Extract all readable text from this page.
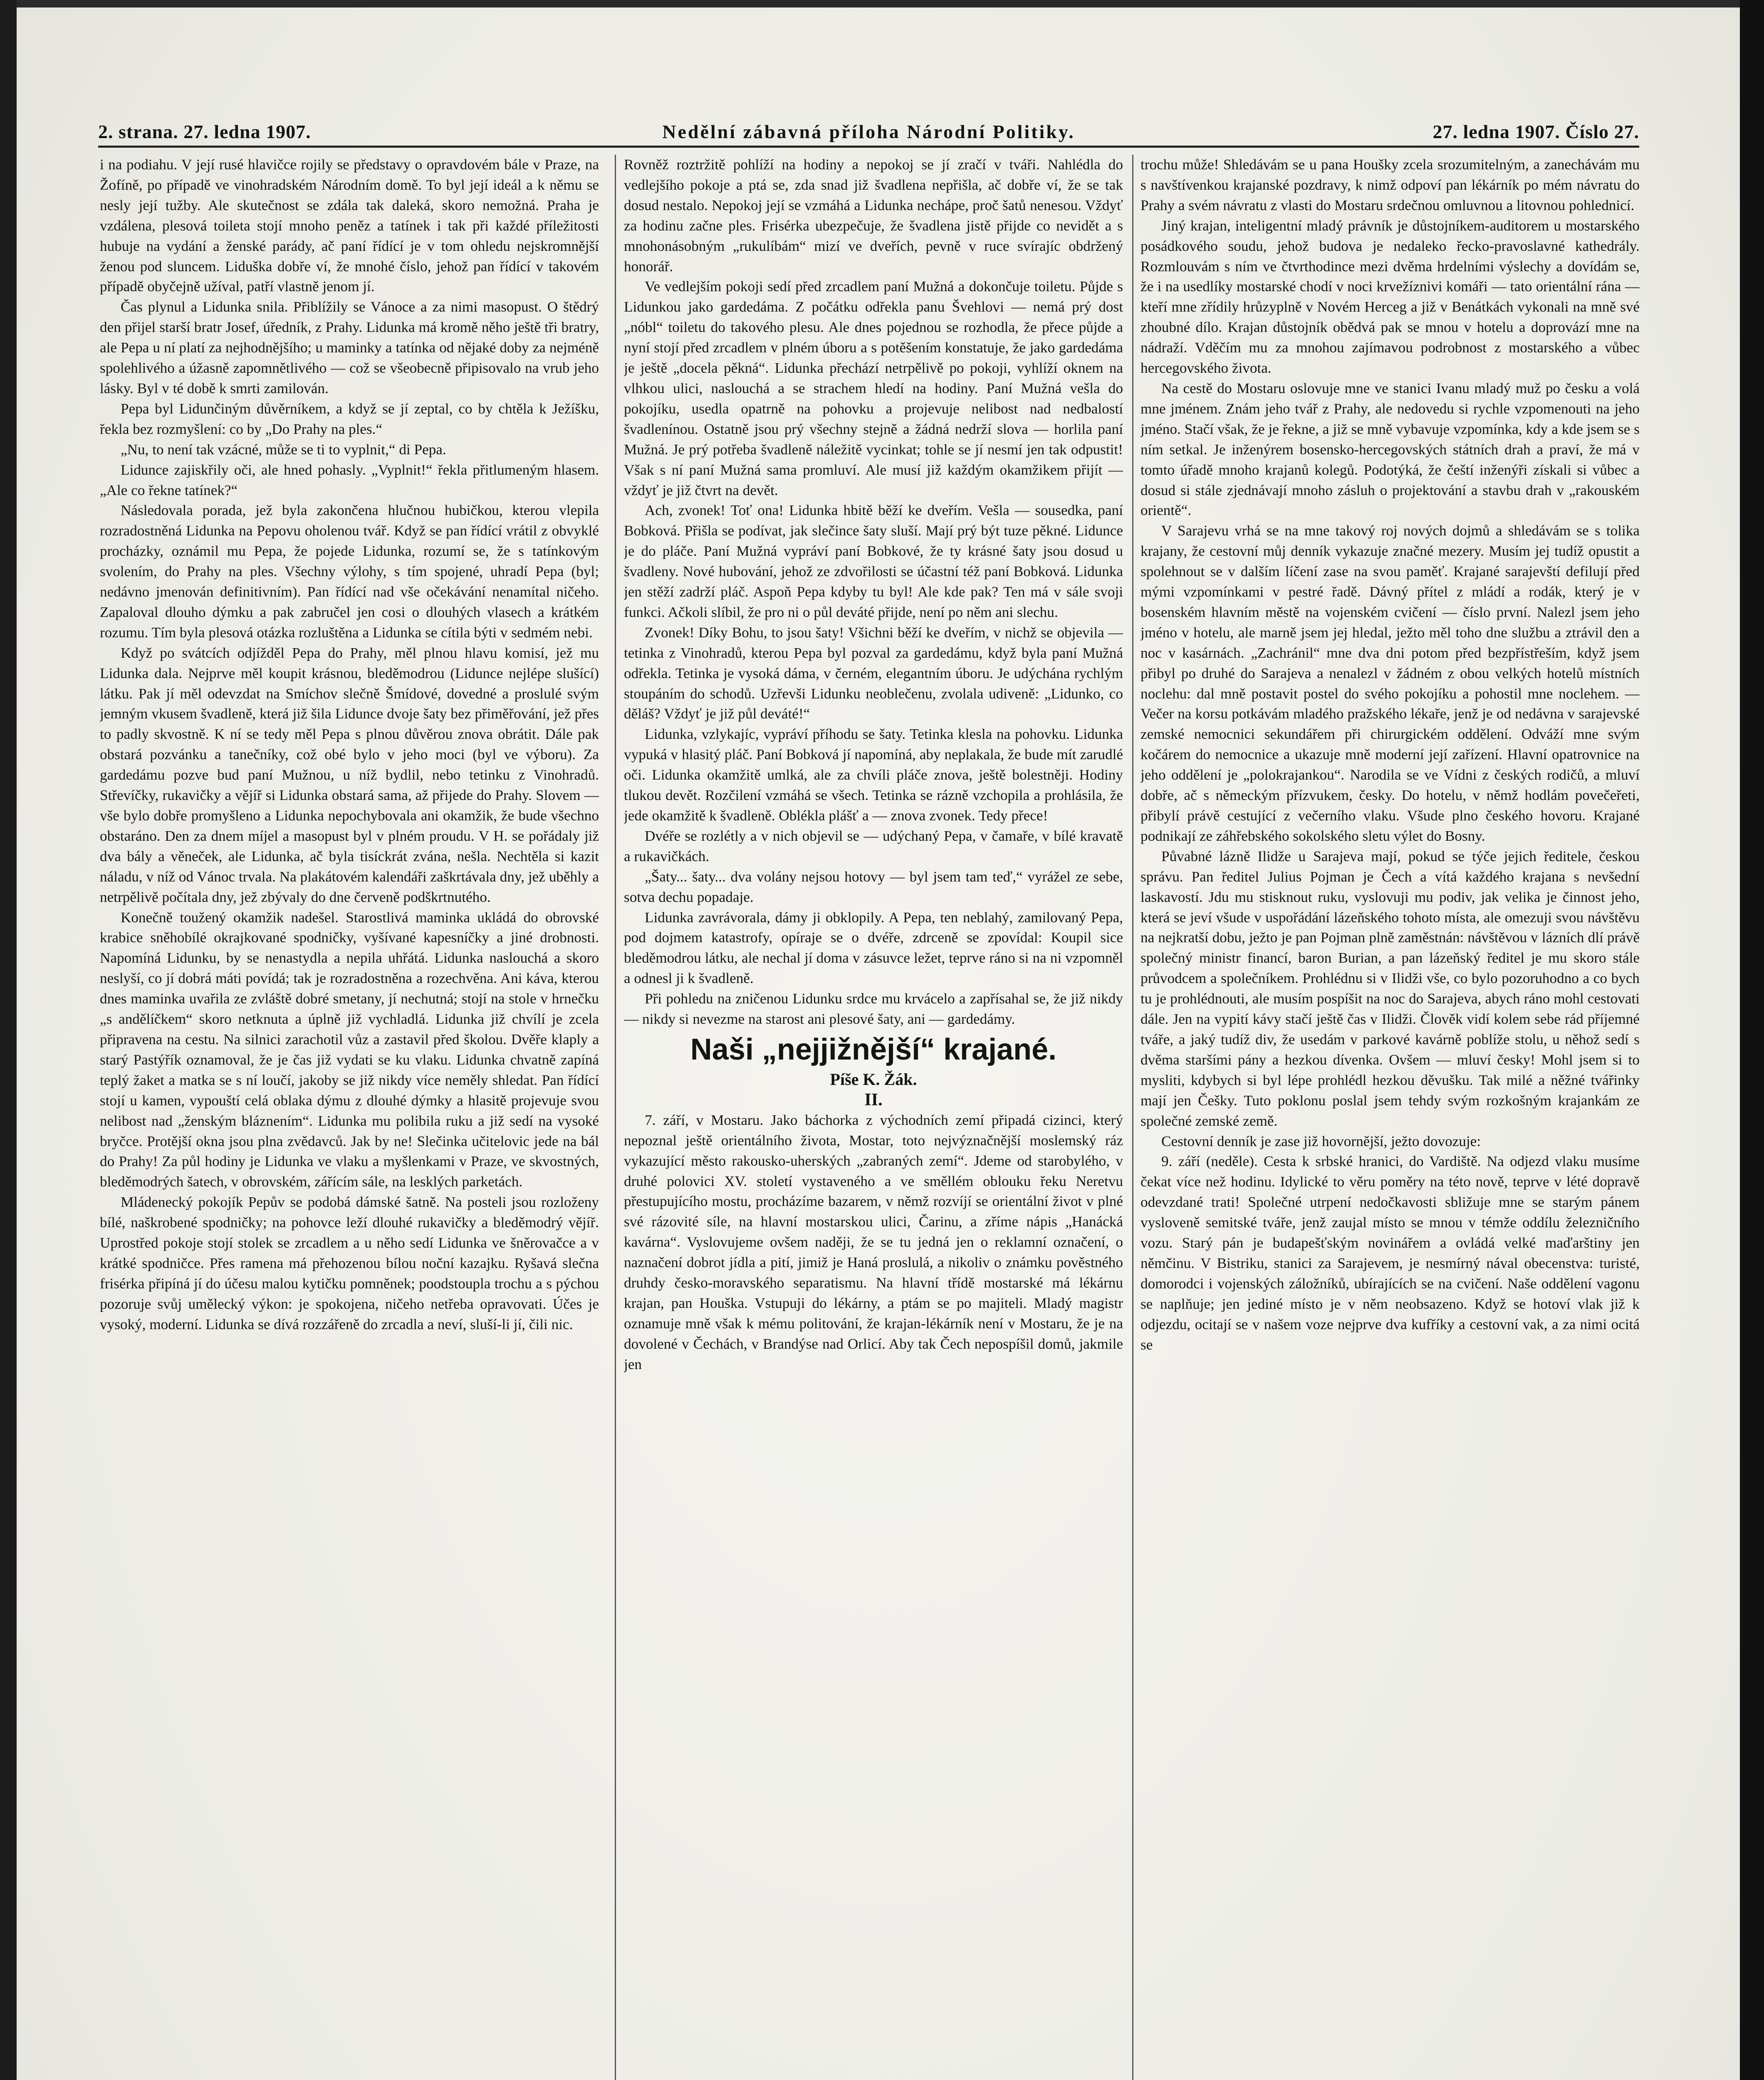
2. strana. 27. ledna 1907.	Nedělní zábavná příloha Národní Politiky.	27. ledna 1907. Číslo 27.

i na podiahu. V její rusé hlavičce rojily se představy o opravdovém bále v Praze, na Žofíně, po případě ve vinohradském Národním domě. To byl její ideál a k němu se nesly její tužby. Ale skutečnost se zdála tak daleká, skoro nemožná. Praha je vzdálena, plesová toileta stojí mnoho peněz a tatínek i tak při každé příležitosti hubuje na vydání a ženské parády, ač paní řídící je v tom ohledu nejskromnější ženou pod sluncem. Liduška dobře ví, že mnohé číslo, jehož pan řídící v takovém případě obyčejně užíval, patří vlastně jenom jí.

Čas plynul a Lidunka snila. Přiblížily se Vánoce a za nimi masopust. O štědrý den přijel starší bratr Josef, úředník, z Prahy. Lidunka má kromě něho ještě tři bratry, ale Pepa u ní platí za nejhodnějšího; u maminky a tatínka od nějaké doby za nejméně spolehlivého a úžasně zapomnětlivého — což se všeobecně připisovalo na vrub jeho lásky. Byl v té době k smrti zamilován.

Pepa byl Lidunčiným důvěrníkem, a když se jí zeptal, co by chtěla k Ježíšku, řekla bez rozmyšlení: co by „Do Prahy na ples.“

„Nu, to není tak vzácné, může se ti to vyplnit,“ di Pepa.

Lidunce zajiskřily oči, ale hned pohasly. „Vyplnit!“ řekla přitlumeným hlasem. „Ale co řekne tatínek?“

Následovala porada, jež byla zakončena hlučnou hubičkou, kterou vlepila rozradostněná Lidunka na Pepovu oholenou tvář. Když se pan řídící vrátil z obvyklé procházky, oznámil mu Pepa, že pojede Lidunka, rozumí se, že s tatínkovým svolením, do Prahy na ples. Všechny výlohy, s tím spojené, uhradí Pepa (byl; nedávno jmenován definitivním). Pan řídící nad vše očekávání nenamítal ničeho. Zapaloval dlouho dýmku a pak zabručel jen cosi o dlouhých vlasech a krátkém rozumu. Tím byla plesová otázka rozluštěna a Lidunka se cítila býti v sedmém nebi.

Když po svátcích odjížděl Pepa do Prahy, měl plnou hlavu komisí, jež mu Lidunka dala. Nejprve měl koupit krásnou, bleděmodrou (Lidunce nejlépe slušící) látku. Pak jí měl odevzdat na Smíchov slečně Šmídové, dovedné a proslulé svým jemným vkusem švadleně, která již šila Lidunce dvoje šaty bez přiměřování, jež přes to padly skvostně. K ní se tedy měl Pepa s plnou důvěrou znova obrátit. Dále pak obstará pozvánku a tanečníky, což obé bylo v jeho moci (byl ve výboru). Za gardedámu pozve bud paní Mužnou, u níž bydlil, nebo tetinku z Vinohradů. Střevíčky, rukavičky a vějíř si Lidunka obstará sama, až přijede do Prahy. Slovem — vše bylo dobře promyšleno a Lidunka nepochybovala ani okamžik, že bude všechno obstaráno. Den za dnem míjel a masopust byl v plném proudu. V H. se pořádaly již dva bály a věneček, ale Lidunka, ač byla tisíckrát zvána, nešla. Nechtěla si kazit náladu, v níž od Vánoc trvala. Na plakátovém kalendáři zaškrtávala dny, jež uběhly a netrpělivě počítala dny, jež zbývaly do dne červeně podškrtnutého.

Konečně toužený okamžik nadešel. Starostlivá maminka ukládá do obrovské krabice sněhobílé okrajkované spodničky, vyšívané kapesníčky a jiné drobnosti. Napomíná Lidunku, by se nenastydla a nepila uhřátá. Lidunka naslouchá a skoro neslyší, co jí dobrá máti povídá; tak je rozradostněna a rozechvěna. Ani káva, kterou dnes maminka uvařila ze zvláště dobré smetany, jí nechutná; stojí na stole v hrnečku „s andělíčkem“ skoro netknuta a úplně již vychladlá. Lidunka již chvílí je zcela připravena na cestu. Na silnici zarachotil vůz a zastavil před školou. Dvěře klaply a starý Pastýřík oznamoval, že je čas již vydati se ku vlaku. Lidunka chvatně zapíná teplý žaket a matka se s ní loučí, jakoby se již nikdy více neměly shledat. Pan řídící stojí u kamen, vypouští celá oblaka dýmu z dlouhé dýmky a hlasitě projevuje svou nelibost nad „ženským bláznením“. Lidunka mu polibila ruku a již sedí na vysoké bryčce. Protější okna jsou plna zvědavců. Jak by ne! Slečinka učitelovic jede na bál do Prahy! Za půl hodiny je Lidunka ve vlaku a myšlenkami v Praze, ve skvostných, bleděmodrých šatech, v obrovském, zářícím sále, na lesklých parketách.

Mládenecký pokojík Pepův se podobá dámské šatně. Na posteli jsou rozloženy bílé, naškrobené spodničky; na pohovce leží dlouhé rukavičky a bleděmodrý vějíř. Uprostřed pokoje stojí stolek se zrcadlem a u něho sedí Lidunka ve šněrovačce a v krátké spodničce. Přes ramena má přehozenou bílou noční kazajku. Ryšavá slečna frisérka připíná jí do účesu malou kytičku pomněnek; poodstoupla trochu a s pýchou pozoruje svůj umělecký výkon: je spokojena, ničeho netřeba opravovati. Účes je vysoký, moderní. Lidunka se dívá rozzářeně do zrcadla a neví, sluší-li jí, čili nic.

Rovněž roztržitě pohlíží na hodiny a nepokoj se jí zračí v tváři. Nahlédla do vedlejšího pokoje a ptá se, zda snad již švadlena nepřišla, ač dobře ví, že se tak dosud nestalo. Nepokoj její se vzmáhá a Lidunka nechápe, proč šatů nenesou. Vždyť za hodinu začne ples. Frisérka ubezpečuje, že švadlena jistě přijde co nevidět a s mnohonásobným „rukulíbám“ mizí ve dveřích, pevně v ruce svírajíc obdržený honorář.

Ve vedlejším pokoji sedí před zrcadlem paní Mužná a dokončuje toiletu. Půjde s Lidunkou jako gardedáma. Z počátku odřekla panu Švehlovi — nemá prý dost „nóbl“ toiletu do takového plesu. Ale dnes pojednou se rozhodla, že přece půjde a nyní stojí před zrcadlem v plném úboru a s potěšením konstatuje, že jako gardedáma je ještě „docela pěkná“. Lidunka přechází netrpělivě po pokoji, vyhlíží oknem na vlhkou ulici, naslouchá a se strachem hledí na hodiny. Paní Mužná vešla do pokojíku, usedla opatrně na pohovku a projevuje nelibost nad nedbalostí švadlenínou. Ostatně jsou prý všechny stejně a žádná nedrží slova — horlila paní Mužná. Je prý potřeba švadleně náležitě vycinkat; tohle se jí nesmí jen tak odpustit! Však s ní paní Mužná sama promluví. Ale musí již každým okamžikem přijít — vždyť je již čtvrt na devět.

Ach, zvonek! Toť ona! Lidunka hbitě běží ke dveřím. Vešla — sousedka, paní Bobková. Přišla se podívat, jak slečince šaty sluší. Mají prý být tuze pěkné. Lidunce je do pláče. Paní Mužná vypráví paní Bobkové, že ty krásné šaty jsou dosud u švadleny. Nové hubování, jehož ze zdvořilosti se účastní též paní Bobková. Lidunka jen stěží zadrží pláč. Aspoň Pepa kdyby tu byl! Ale kde pak? Ten má v sále svoji funkci. Ačkoli slíbil, že pro ni o půl deváté přijde, není po něm ani slechu.

Zvonek! Díky Bohu, to jsou šaty! Všichni běží ke dveřím, v nichž se objevila — tetinka z Vinohradů, kterou Pepa byl pozval za gardedámu, když byla paní Mužná odřekla. Tetinka je vysoká dáma, v černém, elegantním úboru. Je udýchána rychlým stoupáním do schodů. Uzřevši Lidunku neoblečenu, zvolala udiveně: „Lidunko, co děláš? Vždyť je již půl deváté!“

Lidunka, vzlykajíc, vypráví příhodu se šaty. Tetinka klesla na pohovku. Lidunka vypuká v hlasitý pláč. Paní Bobková jí napomíná, aby neplakala, že bude mít zarudlé oči. Lidunka okamžitě umlká, ale za chvíli pláče znova, ještě bolestněji. Hodiny tlukou devět. Rozčilení vzmáhá se všech. Tetinka se rázně vzchopila a prohlásila, že jede okamžitě k švadleně. Oblékla plášť a — znova zvonek. Tedy přece!

Dvéře se rozlétly a v nich objevil se — udýchaný Pepa, v čamaře, v bílé kravatě a rukavičkách.

„Šaty... šaty... dva volány nejsou hotovy — byl jsem tam teď,“ vyrážel ze sebe, sotva dechu popadaje.

Lidunka zavrávorala, dámy ji obklopily. A Pepa, ten neblahý, zamilovaný Pepa, pod dojmem katastrofy, opíraje se o dvéře, zdrceně se zpovídal: Koupil sice bleděmodrou látku, ale nechal jí doma v zásuvce ležet, teprve ráno si na ni vzpomněl a odnesl ji k švadleně.

Při pohledu na zničenou Lidunku srdce mu krvácelo a zapřísahal se, že již nikdy — nikdy si nevezme na starost ani plesové šaty, ani — gardedámy.

Naši „nejjižnější“ krajané.

Píše K. Žák.

II.

7. září, v Mostaru. Jako báchorka z východních zemí připadá cizinci, který nepoznal ještě orientálního života, Mostar, toto nejvýznačnější moslemský ráz vykazující město rakousko-uherských „zabraných zemí“. Jdeme od starobylého, v druhé polovici XV. století vystaveného a ve směllém oblouku řeku Neretvu přestupujícího mostu, procházíme bazarem, v němž rozvíjí se orientální život v plné své rázovité síle, na hlavní mostarskou ulici, Čarinu, a zříme nápis „Hanácká kavárna“. Vyslovujeme ovšem naději, že se tu jedná jen o reklamní označení, o naznačení dobrot jídla a pití, jimiž je Haná proslulá, a nikoliv o známku pověstného druhdy česko-moravského separatismu. Na hlavní třídě mostarské má lékárnu krajan, pan Houška. Vstupuji do lékárny, a ptám se po majiteli. Mladý magistr oznamuje mně však k mému politování, že krajan-lékárník není v Mostaru, že je na dovolené v Čechách, v Brandýse nad Orlicí. Aby tak Čech nepospíšil domů, jakmile jen

trochu může! Shledávám se u pana Houšky zcela srozumitelným, a zanechávám mu s navštívenkou krajanské pozdravy, k nimž odpoví pan lékárník po mém návratu do Prahy a svém návratu z vlasti do Mostaru srdečnou omluvnou a litovnou pohlednicí.

Jiný krajan, inteligentní mladý právník je důstojníkem-auditorem u mostarského posádkového soudu, jehož budova je nedaleko řecko-pravoslavné kathedrály. Rozmlouvám s ním ve čtvrthodince mezi dvěma hrdelními výslechy a dovídám se, že i na usedlíky mostarské chodí v noci krvežíznivi komáři — tato orientální rána — kteří mne zřídily hrůzyplně v Novém Herceg a již v Benátkách vykonali na mně své zhoubné dílo. Krajan důstojník obědvá pak se mnou v hotelu a doprovází mne na nádraží. Vděčím mu za mnohou zajímavou podrobnost z mostarského a vůbec hercegovského života.

Na cestě do Mostaru oslovuje mne ve stanici Ivanu mladý muž po česku a volá mne jménem. Znám jeho tvář z Prahy, ale nedovedu si rychle vzpomenouti na jeho jméno. Stačí však, že je řekne, a již se mně vybavuje vzpomínka, kdy a kde jsem se s ním setkal. Je inženýrem bosensko-hercegovských státních drah a praví, že má v tomto úřadě mnoho krajanů kolegů. Podotýká, že čeští inženýři získali si vůbec a dosud si stále zjednávají mnoho zásluh o projektování a stavbu drah v „rakouském orientě“.

V Sarajevu vrhá se na mne takový roj nových dojmů a shledávám se s tolika krajany, že cestovní můj denník vykazuje značné mezery. Musím jej tudíž opustit a spolehnout se v dalším líčení zase na svou paměť. Krajané sarajevští defilují před mými vzpomínkami v pestré řadě. Dávný přítel z mládí a rodák, který je v bosenském hlavním městě na vojenském cvičení — číslo první. Nalezl jsem jeho jméno v hotelu, ale marně jsem jej hledal, ježto měl toho dne službu a ztrávil den a noc v kasárnách. „Zachránil“ mne dva dni potom před bezpřístřeším, když jsem přibyl po druhé do Sarajeva a nenalezl v žádném z obou velkých hotelů místních noclehu: dal mně postavit postel do svého pokojíku a pohostil mne noclehem. — Večer na korsu potkávám mladého pražského lékaře, jenž je od nedávna v sarajevské zemské nemocnici sekundářem při chirurgickém oddělení. Odváží mne svým kočárem do nemocnice a ukazuje mně moderní její zařízení. Hlavní opatrovnice na jeho oddělení je „polokrajankou“. Narodila se ve Vídni z českých rodičů, a mluví dobře, ač s německým přízvukem, česky. Do hotelu, v němž hodlám povečeřeti, přibylí právě cestující z večerního vlaku. Všude plno českého hovoru. Krajané podnikají ze záhřebského sokolského sletu výlet do Bosny.

Půvabné lázně Ilidže u Sarajeva mají, pokud se týče jejich ředitele, českou správu. Pan ředitel Julius Pojman je Čech a vítá každého krajana s nevšední laskavostí. Jdu mu stisknout ruku, vyslovuji mu podiv, jak velika je činnost jeho, která se jeví všude v uspořádání lázeňského tohoto místa, ale omezuji svou návštěvu na nejkratší dobu, ježto je pan Pojman plně zaměstnán: návštěvou v lázních dlí právě společný ministr financí, baron Burian, a pan lázeňský ředitel je mu skoro stále průvodcem a společníkem. Prohlédnu si v Ilidži vše, co bylo pozoruhodno a co bych tu je prohlédnouti, ale musím pospíšit na noc do Sarajeva, abych ráno mohl cestovati dále. Jen na vypití kávy stačí ještě čas v Ilidži. Člověk vidí kolem sebe rád příjemné tváře, a jaký tudíž div, že usedám v parkové kavárně poblíže stolu, u něhož sedí s dvěma staršími pány a hezkou dívenka. Ovšem — mluví česky! Mohl jsem si to mysliti, kdybych si byl lépe prohlédl hezkou děvušku. Tak milé a něžné tvářinky mají jen Češky. Tuto poklonu poslal jsem tehdy svým rozkošným krajankám ze společné zemské země.

Cestovní denník je zase již hovornější, ježto dovozuje:

9. září (neděle). Cesta k srbské hranici, do Vardiště. Na odjezd vlaku musíme čekat více než hodinu. Idylické to věru poměry na této nově, teprve v lété dopravě odevzdané trati! Společné utrpení nedočkavosti sbližuje mne se starým pánem vysloveně semitské tváře, jenž zaujal místo se mnou v témže oddílu železničního vozu. Starý pán je budapešťským novinářem a ovládá velké maďarštiny jen němčinu. V Bistriku, stanici za Sarajevem, je nesmírný nával obecenstva: turisté, domorodci i vojenských záložníků, ubírajících se na cvičení. Naše oddělení vagonu se naplňuje; jen jediné místo je v něm neobsazeno. Když se hotoví vlak již k odjezdu, ocitají se v našem voze nejprve dva kufříky a cestovní vak, a za nimi ocitá se
